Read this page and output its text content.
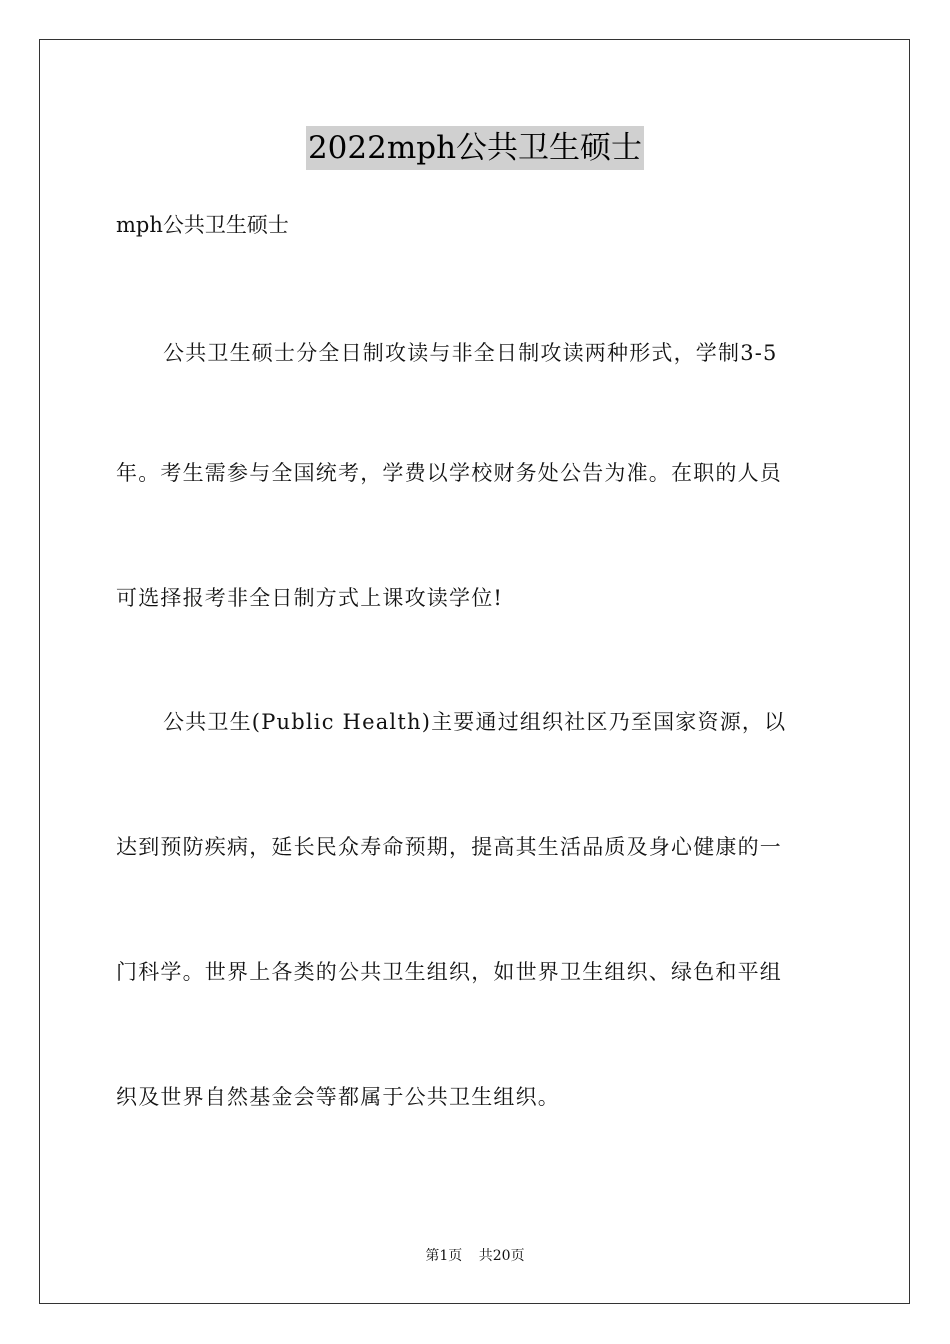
2022mph公共卫生硕士
mph公共卫生硕士
公共卫生硕士分全日制攻读与非全日制攻读两种形式，学制3-5
年。考生需参与全国统考，学费以学校财务处公告为准。在职的人员
可选择报考非全日制方式上课攻读学位!
公共卫生(Public Health)主要通过组织社区乃至国家资源，以
达到预防疾病，延长民众寿命预期，提高其生活品质及身心健康的一
门科学。世界上各类的公共卫生组织，如世界卫生组织、绿色和平组
织及世界自然基金会等都属于公共卫生组织。
第1页 共20页
